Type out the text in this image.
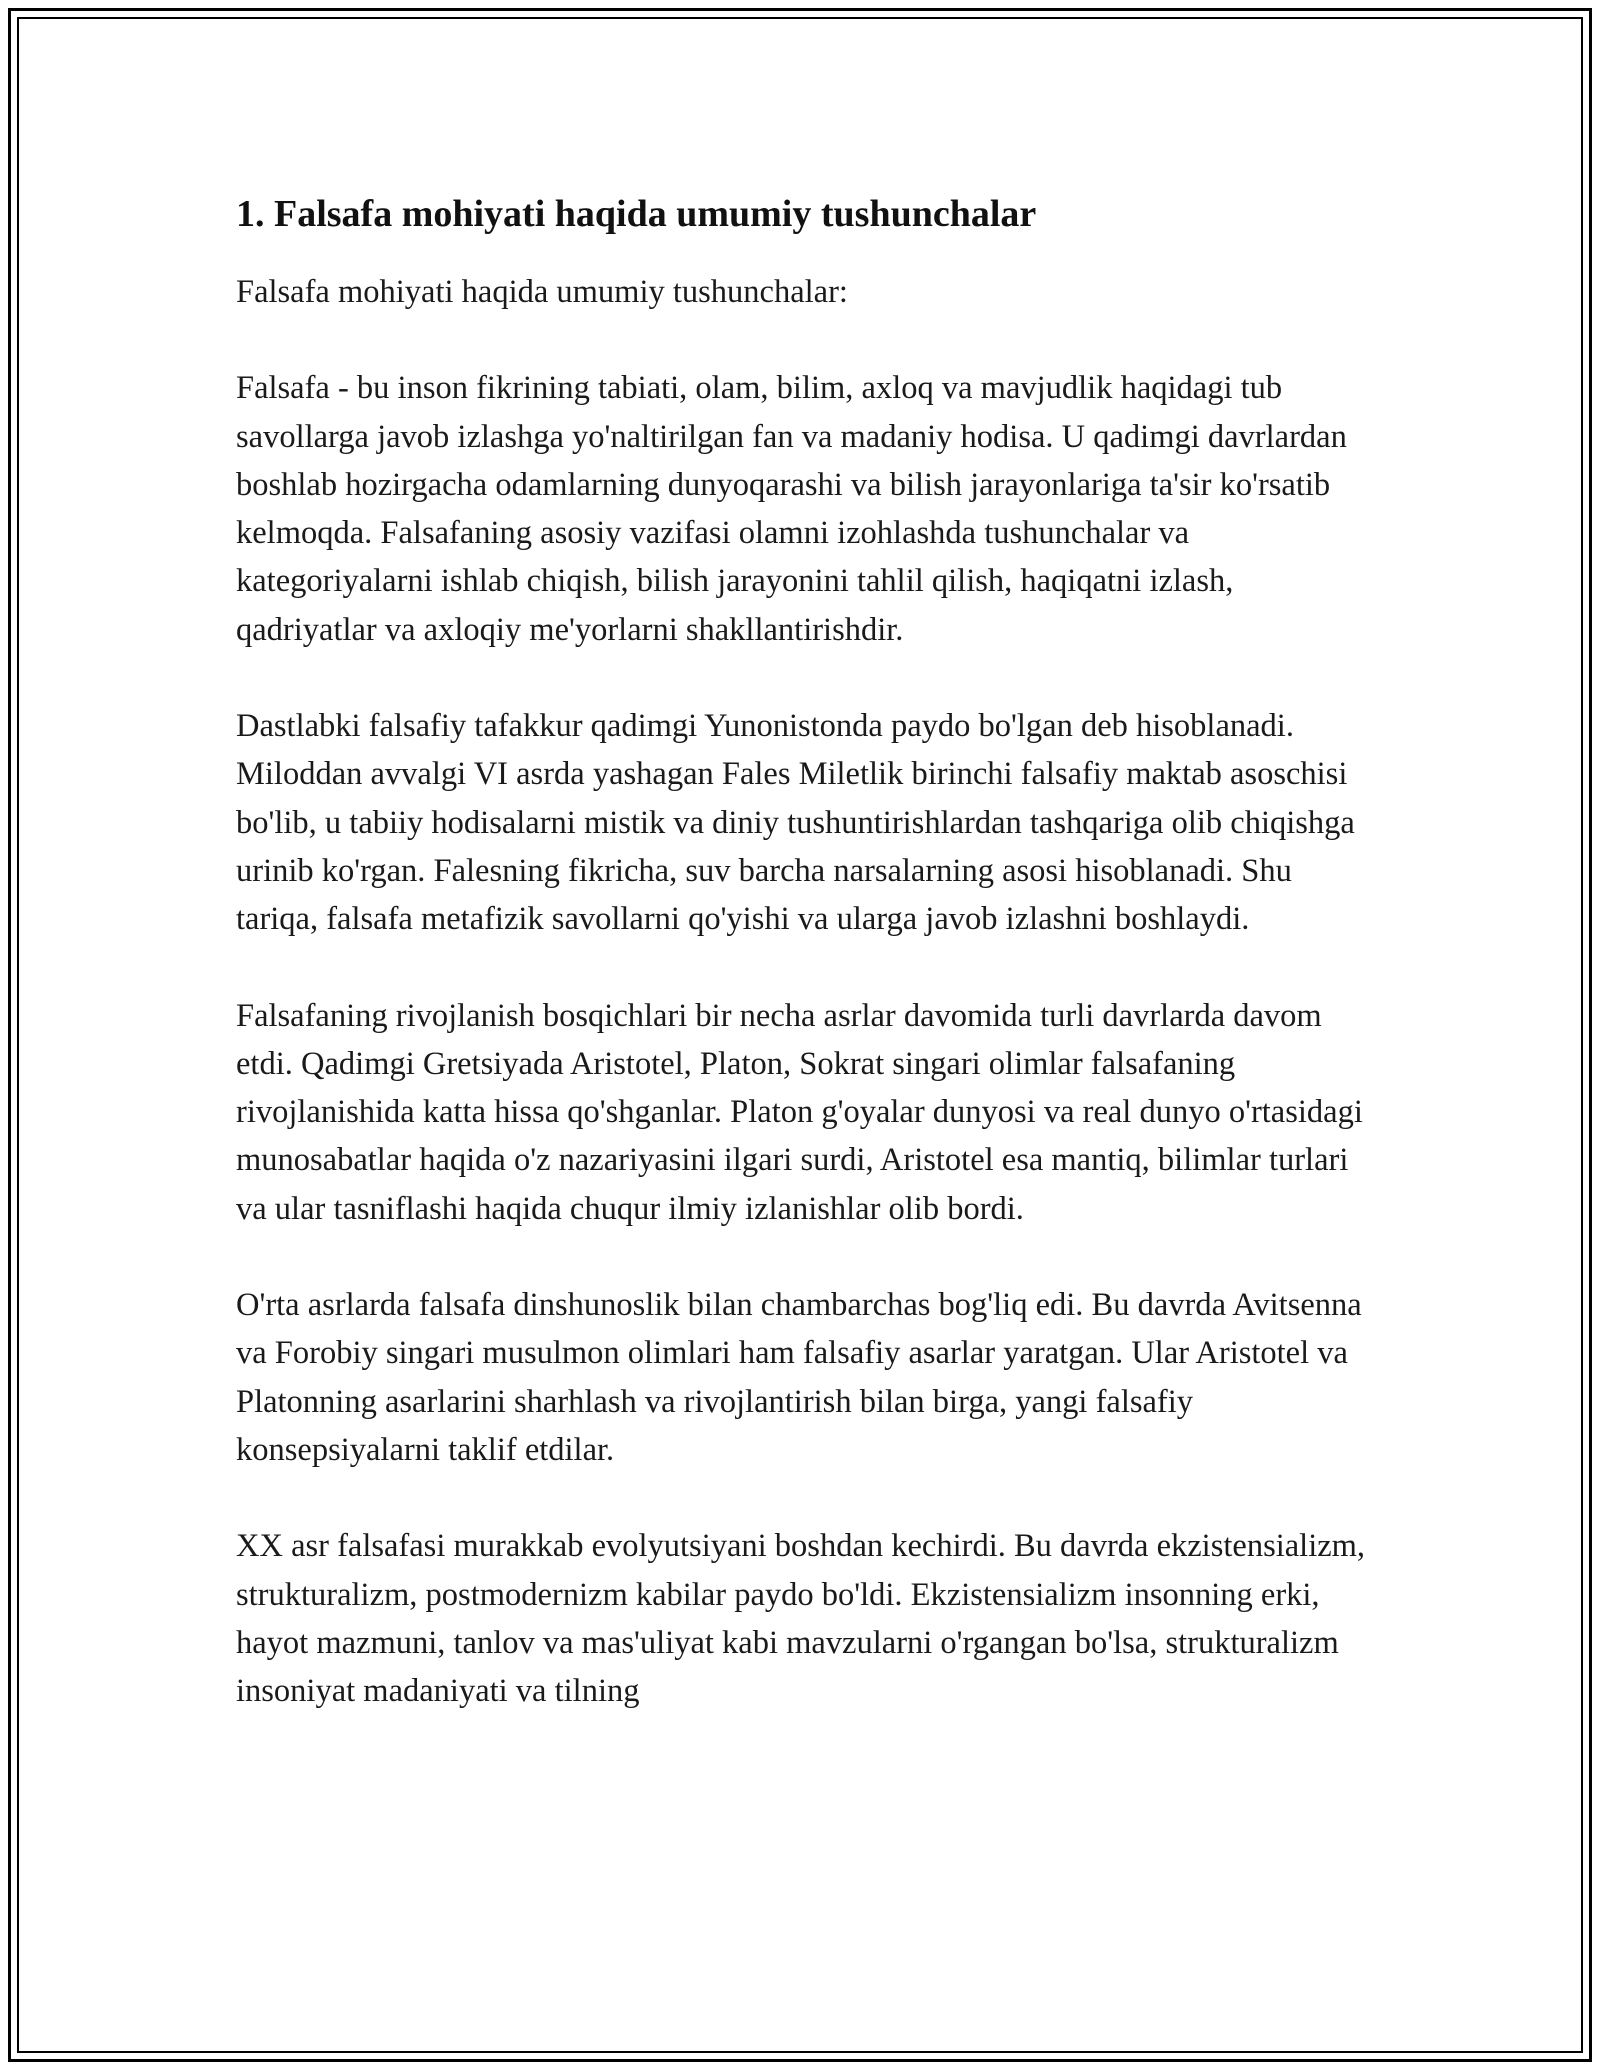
1. Falsafa mohiyati haqida umumiy tushunchalar

Falsafa mohiyati haqida umumiy tushunchalar:

Falsafa - bu inson fikrining tabiati, olam, bilim, axloq va mavjudlik haqidagi tub savollarga javob izlashga yo'naltirilgan fan va madaniy hodisa. U qadimgi davrlardan boshlab hozirgacha odamlarning dunyoqarashi va bilish jarayonlariga ta'sir ko'rsatib kelmoqda. Falsafaning asosiy vazifasi olamni izohlashda tushunchalar va kategoriyalarni ishlab chiqish, bilish jarayonini tahlil qilish, haqiqatni izlash, qadriyatlar va axloqiy me'yorlarni shakllantirishdir.

Dastlabki falsafiy tafakkur qadimgi Yunonistonda paydo bo'lgan deb hisoblanadi. Miloddan avvalgi VI asrda yashagan Fales Miletlik birinchi falsafiy maktab asoschisi bo'lib, u tabiiy hodisalarni mistik va diniy tushuntirishlardan tashqariga olib chiqishga urinib ko'rgan. Falesning fikricha, suv barcha narsalarning asosi hisoblanadi. Shu tariqa, falsafa metafizik savollarni qo'yishi va ularga javob izlashni boshlaydi.

Falsafaning rivojlanish bosqichlari bir necha asrlar davomida turli davrlarda davom etdi. Qadimgi Gretsiyada Aristotel, Platon, Sokrat singari olimlar falsafaning rivojlanishida katta hissa qo'shganlar. Platon g'oyalar dunyosi va real dunyo o'rtasidagi munosabatlar haqida o'z nazariyasini ilgari surdi, Aristotel esa mantiq, bilimlar turlari va ular tasniflashi haqida chuqur ilmiy izlanishlar olib bordi.

O'rta asrlarda falsafa dinshunoslik bilan chambarchas bog'liq edi. Bu davrda Avitsenna va Forobiy singari musulmon olimlari ham falsafiy asarlar yaratgan. Ular Aristotel va Platonning asarlarini sharhlash va rivojlantirish bilan birga, yangi falsafiy konsepsiyalarni taklif etdilar.

XX asr falsafasi murakkab evolyutsiyani boshdan kechirdi. Bu davrda ekzistensializm, strukturalizm, postmodernizm kabilar paydo bo'ldi. Ekzistensializm insonning erki, hayot mazmuni, tanlov va mas'uliyat kabi mavzularni o'rgangan bo'lsa, strukturalizm insoniyat madaniyati va tilning
